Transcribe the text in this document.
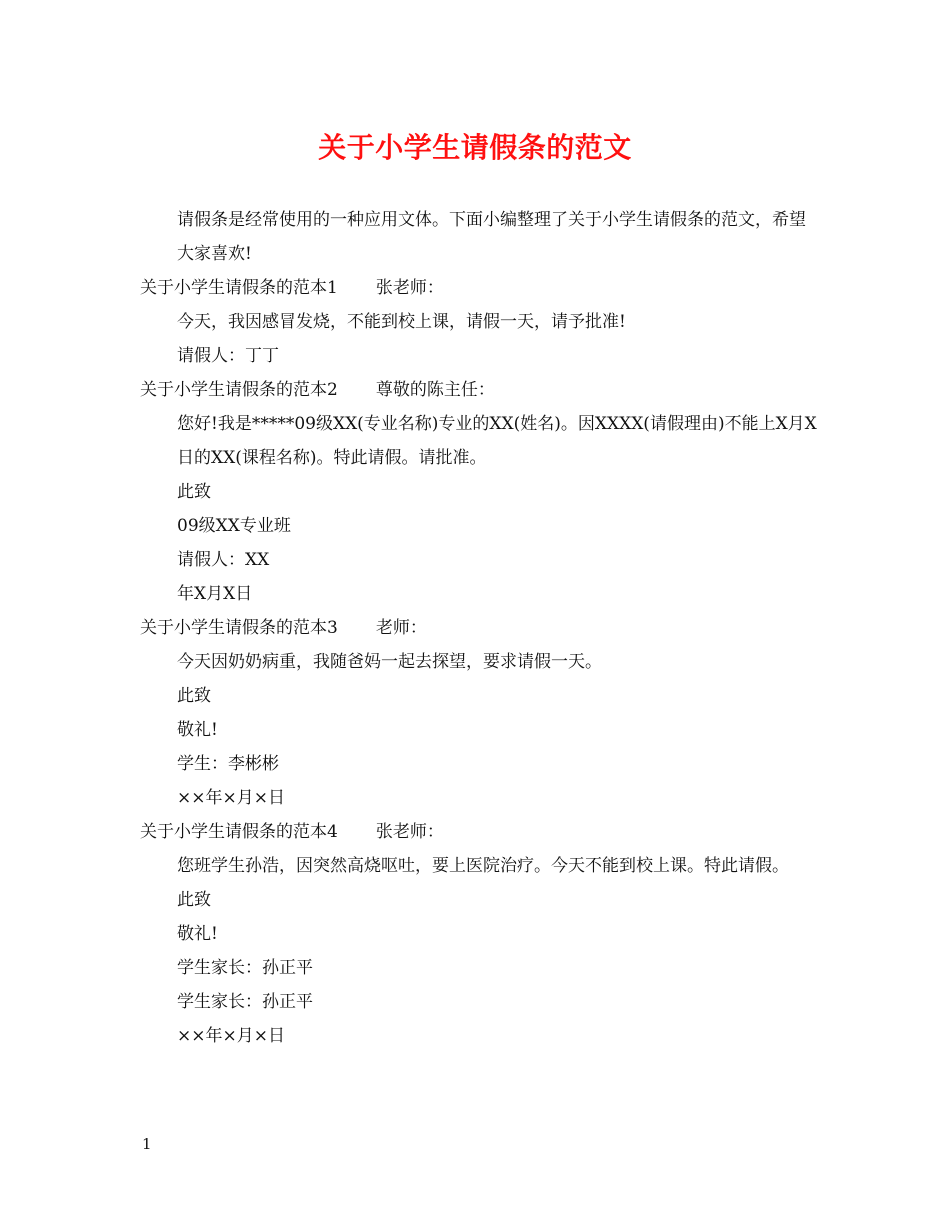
关于小学生请假条的范文
请假条是经常使用的一种应用文体。下面小编整理了关于小学生请假条的范文，希望大家喜欢!
关于小学生请假条的范本1 张老师：
今天，我因感冒发烧，不能到校上课，请假一天，请予批准!
请假人：丁丁
关于小学生请假条的范本2 尊敬的陈主任：
您好!我是*****09级XX(专业名称)专业的XX(姓名)。因XXXX(请假理由)不能上X月X日的XX(课程名称)。特此请假。请批准。
此致
09级XX专业班
请假人：XX
年X月X日
关于小学生请假条的范本3 老师：
今天因奶奶病重，我随爸妈一起去探望，要求请假一天。
此致
敬礼!
学生：李彬彬
××年×月×日
关于小学生请假条的范本4 张老师：
您班学生孙浩，因突然高烧呕吐，要上医院治疗。今天不能到校上课。特此请假。
此致
敬礼!
学生家长：孙正平
学生家长：孙正平
××年×月×日
1
